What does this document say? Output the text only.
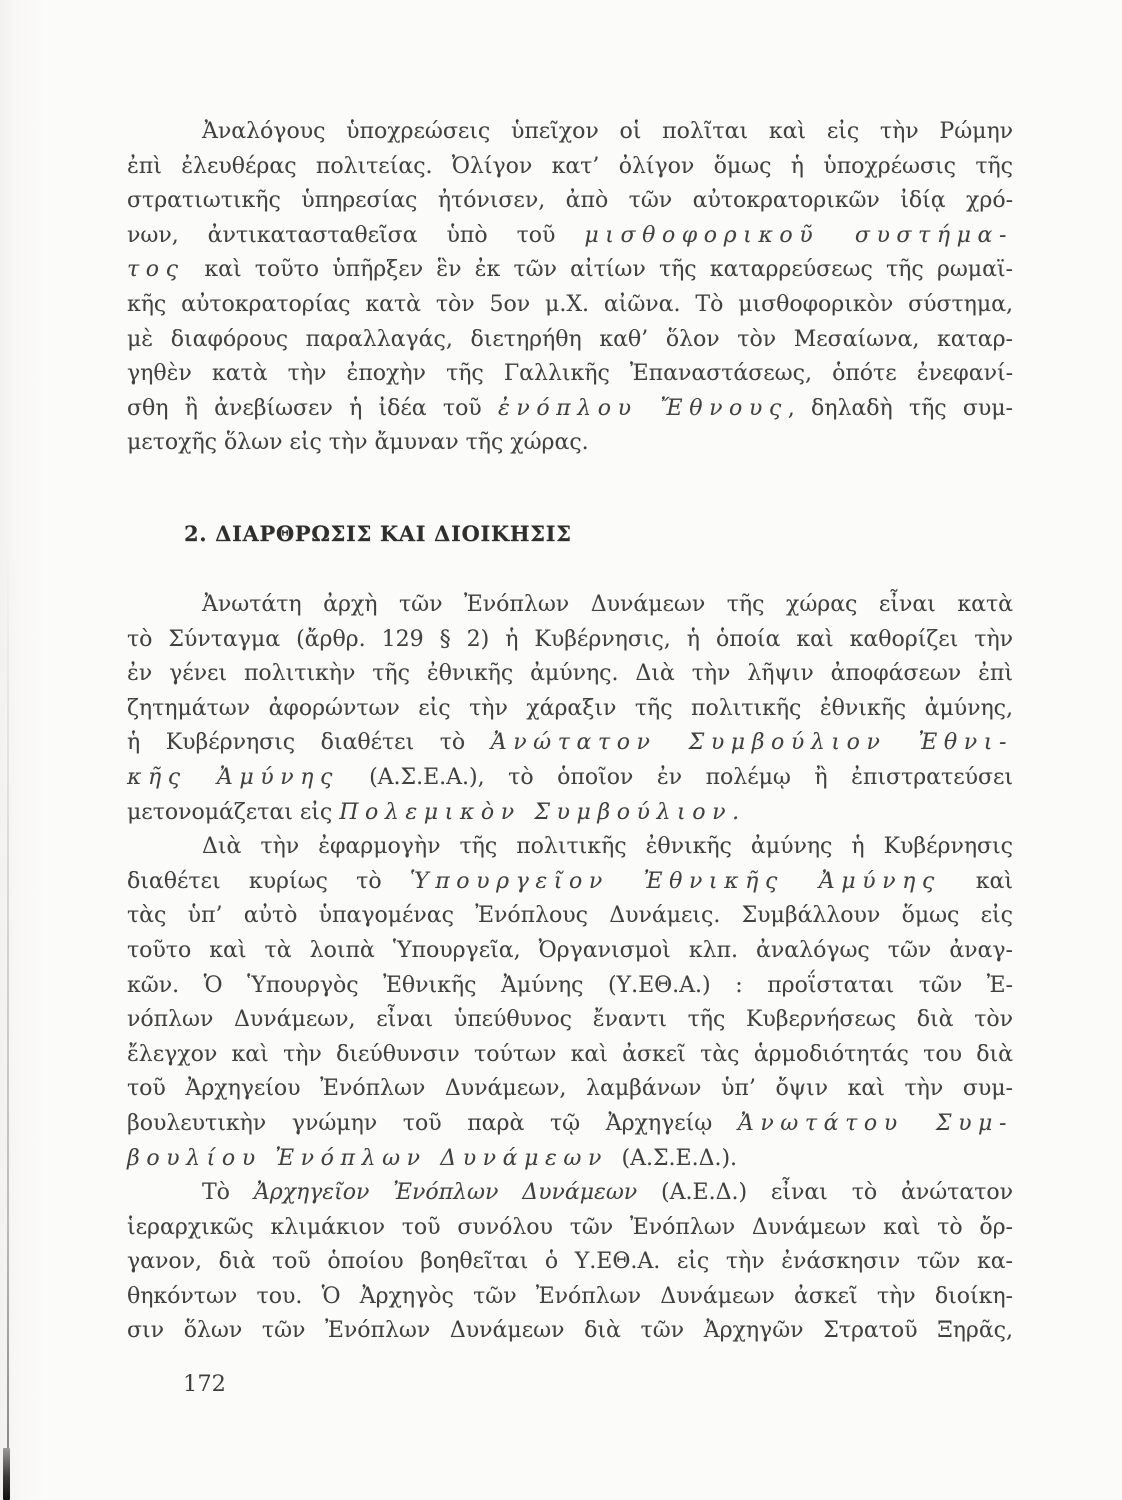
Ἀναλόγους ὑποχρεώσεις ὑπεῖχον οἱ πολῖται καὶ εἰς τὴν Ρώμην
ἐπὶ ἐλευθέρας πολιτείας. Ὀλίγον κατ’ ὀλίγον ὅμως ἡ ὑποχρέωσις τῆς
στρατιωτικῆς ὑπηρεσίας ἠτόνισεν, ἀπὸ τῶν αὐτοκρατορικῶν ἰδίᾳ χρό-
νων, ἀντικατασταθεῖσα ὑπὸ τοῦ μισθοφορικοῦ συστήμα-
τος καὶ τοῦτο ὑπῆρξεν ἓν ἐκ τῶν αἰτίων τῆς καταρρεύσεως τῆς ρωμαϊ-
κῆς αὐτοκρατορίας κατὰ τὸν 5ον μ.Χ. αἰῶνα. Τὸ μισθοφορικὸν σύστημα,
μὲ διαφόρους παραλλαγάς, διετηρήθη καθ’ ὅλον τὸν Μεσαίωνα, καταρ-
γηθὲν κατὰ τὴν ἐποχὴν τῆς Γαλλικῆς Ἐπαναστάσεως, ὁπότε ἐνεφανί-
σθη ἢ ἀνεβίωσεν ἡ ἰδέα τοῦ ἐνόπλου Ἔθνους, δηλαδὴ τῆς συμ-
μετοχῆς ὅλων εἰς τὴν ἄμυναν τῆς χώρας.
2. ΔΙΑΡΘΡΩΣΙΣ ΚΑΙ ΔΙΟΙΚΗΣΙΣ
Ἀνωτάτη ἀρχὴ τῶν Ἐνόπλων Δυνάμεων τῆς χώρας εἶναι κατὰ
τὸ Σύνταγμα (ἄρθρ. 129 § 2) ἡ Κυβέρνησις, ἡ ὁποία καὶ καθορίζει τὴν
ἐν γένει πολιτικὴν τῆς ἐθνικῆς ἀμύνης. Διὰ τὴν λῆψιν ἀποφάσεων ἐπὶ
ζητημάτων ἀφορώντων εἰς τὴν χάραξιν τῆς πολιτικῆς ἐθνικῆς ἀμύνης,
ἡ Κυβέρνησις διαθέτει τὸ Ἀνώτατον Συμβούλιον Ἐθνι-
κῆς Ἀμύνης (Α.Σ.Ε.Α.), τὸ ὁποῖον ἐν πολέμῳ ἢ ἐπιστρατεύσει
μετονομάζεται εἰς Πολεμικὸν Συμβούλιον.
Διὰ τὴν ἐφαρμογὴν τῆς πολιτικῆς ἐθνικῆς ἀμύνης ἡ Κυβέρνησις
διαθέτει κυρίως τὸ Ὑπουργεῖον Ἐθνικῆς Ἀμύνης καὶ
τὰς ὑπ’ αὐτὸ ὑπαγομένας Ἐνόπλους Δυνάμεις. Συμβάλλουν ὅμως εἰς
τοῦτο καὶ τὰ λοιπὰ Ὑπουργεῖα, Ὀργανισμοὶ κλπ. ἀναλόγως τῶν ἀναγ-
κῶν. Ὁ Ὑπουργὸς Ἐθνικῆς Ἀμύνης (Υ.ΕΘ.Α.) : προΐσταται τῶν Ἐ-
νόπλων Δυνάμεων, εἶναι ὑπεύθυνος ἔναντι τῆς Κυβερνήσεως διὰ τὸν
ἔλεγχον καὶ τὴν διεύθυνσιν τούτων καὶ ἀσκεῖ τὰς ἁρμοδιότητάς του διὰ
τοῦ Ἀρχηγείου Ἐνόπλων Δυνάμεων, λαμβάνων ὑπ’ ὄψιν καὶ τὴν συμ-
βουλευτικὴν γνώμην τοῦ παρὰ τῷ Ἀρχηγείῳ Ἀνωτάτου Συμ-
βουλίου Ἐνόπλων Δυνάμεων (Α.Σ.Ε.Δ.).
Τὸ Ἀρχηγεῖον Ἐνόπλων Δυνάμεων (Α.Ε.Δ.) εἶναι τὸ ἀνώτατον
ἱεραρχικῶς κλιμάκιον τοῦ συνόλου τῶν Ἐνόπλων Δυνάμεων καὶ τὸ ὄρ-
γανον, διὰ τοῦ ὁποίου βοηθεῖται ὁ Υ.ΕΘ.Α. εἰς τὴν ἐνάσκησιν τῶν κα-
θηκόντων του. Ὁ Ἀρχηγὸς τῶν Ἐνόπλων Δυνάμεων ἀσκεῖ τὴν διοίκη-
σιν ὅλων τῶν Ἐνόπλων Δυνάμεων διὰ τῶν Ἀρχηγῶν Στρατοῦ Ξηρᾶς,
172
